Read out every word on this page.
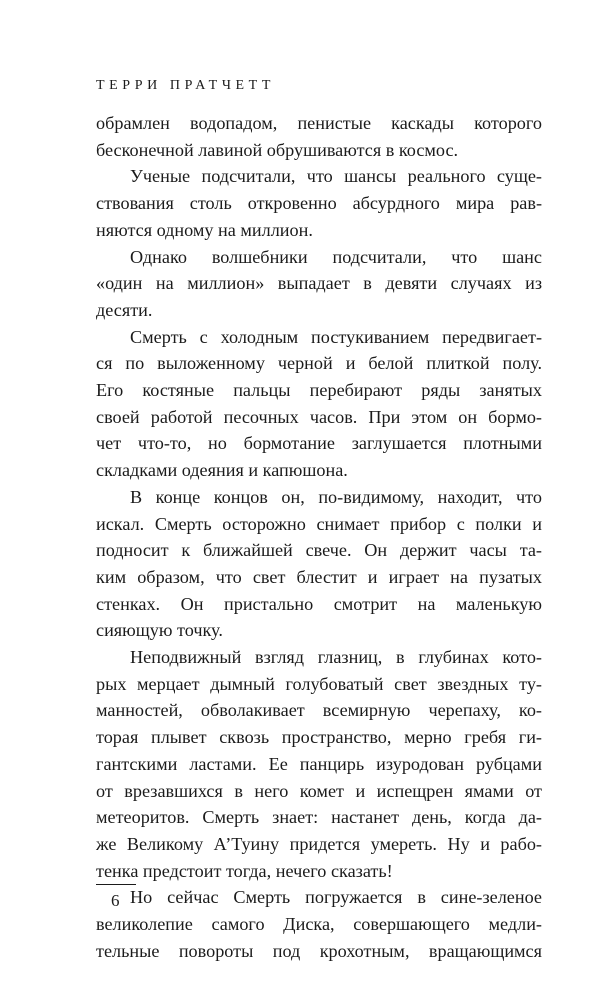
ТЕРРИ ПРАТЧЕТТ
обрамлен водопадом, пенистые каскады которого
бесконечной лавиной обрушиваются в космос.
Ученые подсчитали, что шансы реального суще-
ствования столь откровенно абсурдного мира рав-
няются одному на миллион.
Однако волшебники подсчитали, что шанс
«один на миллион» выпадает в девяти случаях из
десяти.
Смерть с холодным постукиванием передвигает-
ся по выложенному черной и белой плиткой полу.
Его костяные пальцы перебирают ряды занятых
своей работой песочных часов. При этом он бормо-
чет что-то, но бормотание заглушается плотными
складками одеяния и капюшона.
В конце концов он, по-видимому, находит, что
искал. Смерть осторожно снимает прибор с полки и
подносит к ближайшей свече. Он держит часы та-
ким образом, что свет блестит и играет на пузатых
стенках. Он пристально смотрит на маленькую
сияющую точку.
Неподвижный взгляд глазниц, в глубинах кото-
рых мерцает дымный голубоватый свет звездных ту-
манностей, обволакивает всемирную черепаху, ко-
торая плывет сквозь пространство, мерно гребя ги-
гантскими ластами. Ее панцирь изуродован рубцами
от врезавшихся в него комет и испещрен ямами от
метеоритов. Смерть знает: настанет день, когда да-
же Великому А’Туину придется умереть. Ну и рабо-
тенка предстоит тогда, нечего сказать!
Но сейчас Смерть погружается в сине-зеленое
великолепие самого Диска, совершающего медли-
тельные повороты под крохотным, вращающимся
6
